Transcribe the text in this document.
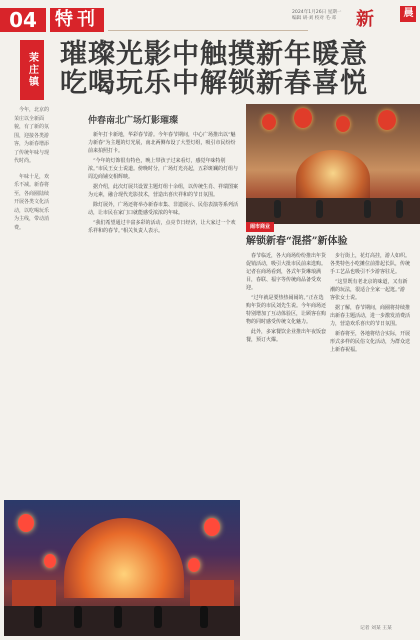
04	特刊	2024年1月26日 星期一
编辑 胡·刘 校对 毛·邓	新	晨
茉庄镇 璀璨光影中触摸新年暖意
吃喝玩乐中解锁新春喜悦

今年，北京的茉庄以全新面貌，有了新的氛围，迎接各类游客，为新春增添了传统年味与现代时尚。

年味十足，欢乐不减。新春将至，各商圈陆续开展各类文化活动，以吃喝玩乐为主线，带动消费。

仲春南北广场灯影璀璨

新年打卡新地，华彩春节游。今年春节期间，中心广场推出以“魅力新春”为主题的灯光展，南北两侧布设了大型灯组，吸引市民纷纷前来拍照打卡。

“今年的灯饰很有特色，晚上带孩子过来看灯，感觉年味特别浓。”市民王女士说道。傍晚时分，广场灯光亮起，五彩斑斓的灯组与周边商铺交相辉映。

据介绍，此次灯展共设置主题灯组十余组，以传统生肖、祥瑞图案为元素，融合现代光影技术，营造出喜庆祥和的节日氛围。

除灯展外，广场还将举办新春市集、非遗展示、民俗表演等系列活动，让市民在家门口就能感受浓浓的年味。

“我们希望通过丰富多彩的活动，点亮节日经济，让大家过一个欢乐祥和的春节。”相关负责人表示。

闹市商业
解锁新春“混搭”新体验

春节临近，各大商场纷纷推出年货促销活动，吸引大批市民前来选购。记者在商场看到，各式年货琳琅满目，春联、福字等传统商品备受欢迎。

“过年就是要热热闹闹的。”正在选购年货的市民刘先生说。今年商场还特别增加了互动体验区，让顾客在购物的同时感受传统文化魅力。

此外，多家餐饮企业推出年夜饭套餐，预订火爆。

步行街上，花灯高挂，游人如织。各类特色小吃摊位前排起长队，传统手工艺品也吸引不少游客驻足。

“这里既有老北京的味道，又有新潮的玩法，很适合全家一起逛。”游客张女士说。

据了解，春节期间，商圈将持续推出新春主题活动，进一步激发消费活力，营造欢乐喜庆的节日氛围。

新春将至，各地将结合实际，开展形式多样的民俗文化活动，为群众送上新春祝福。

记者 刘某 王某
